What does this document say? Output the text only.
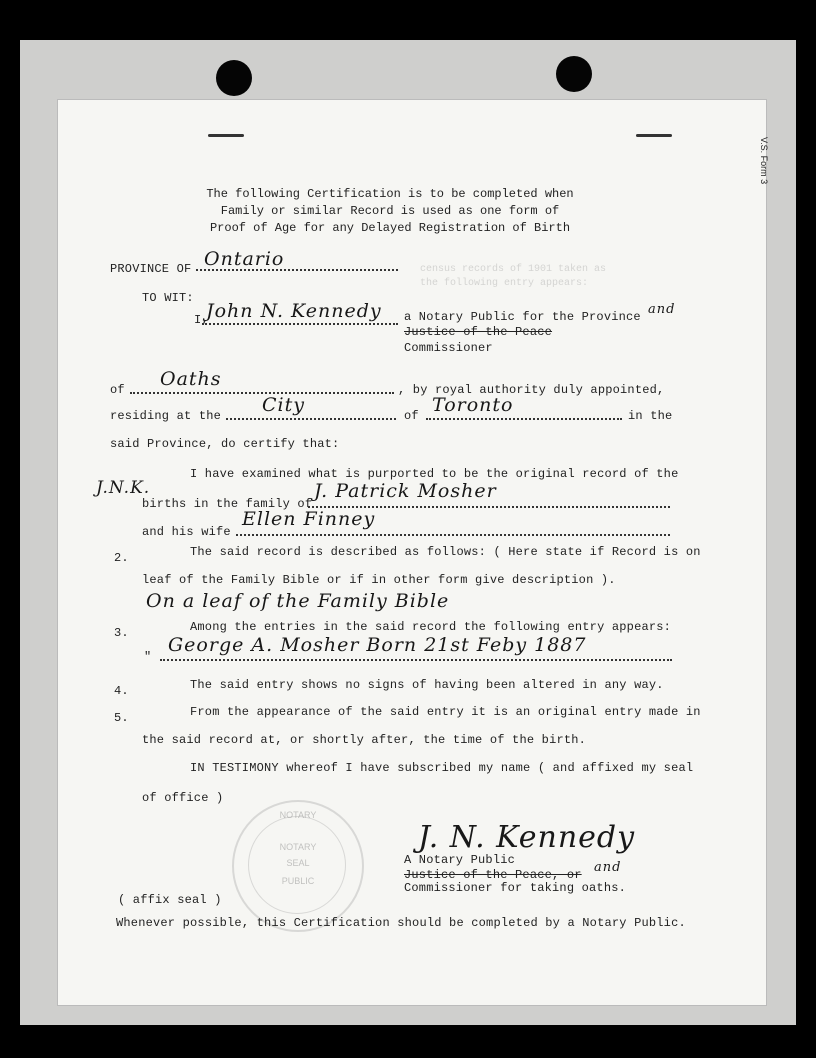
V.S. Form 3
The following Certification is to be completed when
Family or similar Record is used as one form of
Proof of Age for any Delayed Registration of Birth
PROVINCE OF Ontario	census records of 1901 taken as
the following entry appears:
TO WIT:
I,
John N. Kennedy a Notary Public for the Province and
Justice of the Peace
Commissioner
of Oaths	, by royal authority duly appointed,
residing at the City	of Toronto	in the
said Province, do certify that:
J.N.K.
I have examined what is purported to be the original record of the
births in the family of
J. Patrick Mosher
and his wife
Ellen Finney
2.	The said record is described as follows: ( Here state if Record is on
leaf of the Family Bible or if in other form give description ).
On a leaf of the Family Bible
3.	Among the entries in the said record the following entry appears:
"
George A. Mosher Born 21st Feby 1887
4.	The said entry shows no signs of having been altered in any way.
5.	From the appearance of the said entry it is an original entry made in
the said record at, or shortly after, the time of the birth.
IN TESTIMONY whereof I have subscribed my name ( and affixed my seal
of office )
NOTARY
NOTARY
SEAL
PUBLIC
J. N. Kennedy
A Notary Public
Justice of the Peace, or and
Commissioner for taking oaths.
( affix seal )
Whenever possible, this Certification should be completed by a Notary Public.
